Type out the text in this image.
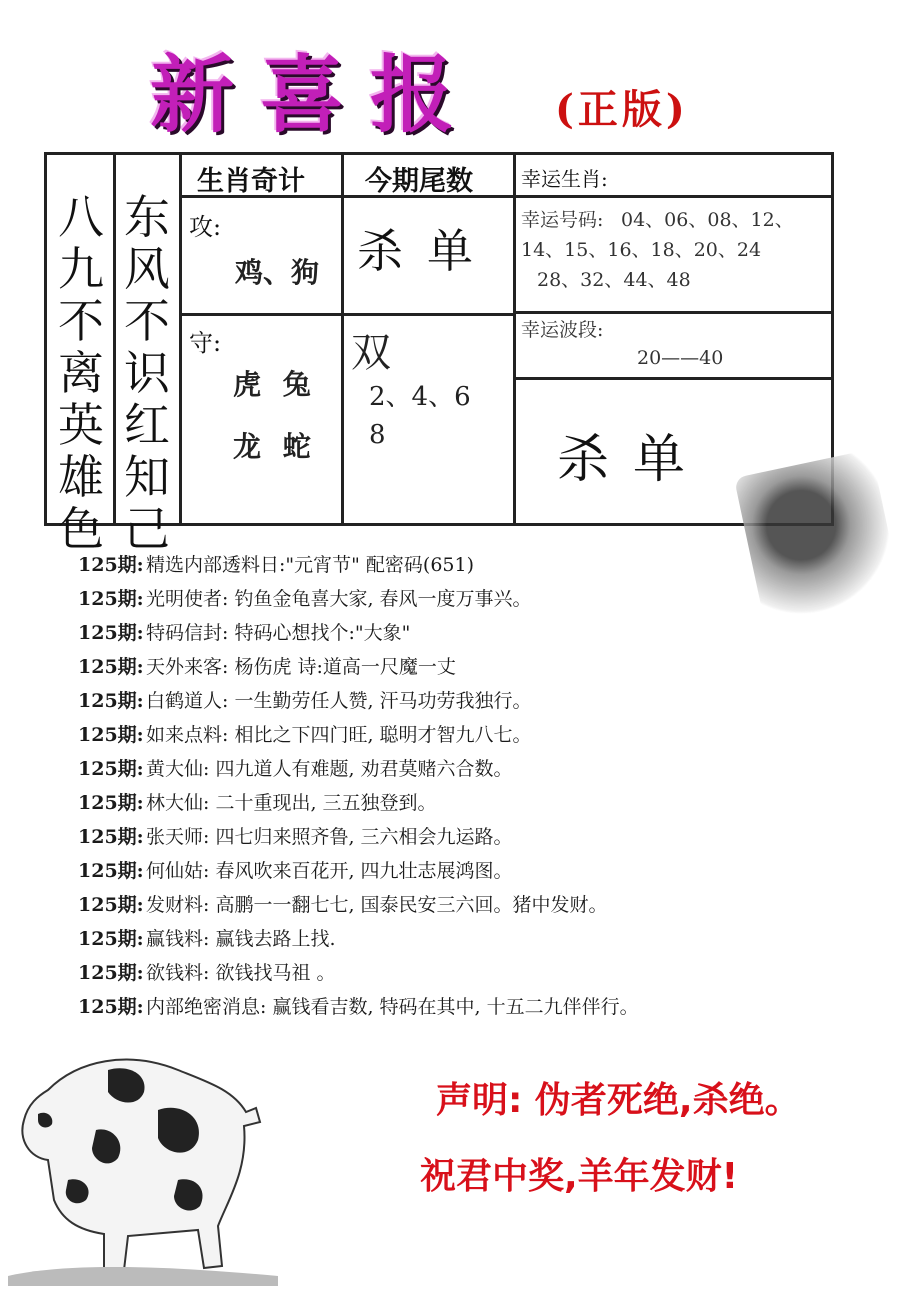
新喜报 (正版)
八九不离英雄色
东风不识红知己
生肖奇计 今期尾数 幸运生肖:
攻:
鸡、狗
守:
虎 兔
龙 蛇
杀单
幸运号码: 04、06、08、12、
14、15、16、18、20、24
28、32、44、48
双
2、4、6
8
幸运波段:
20——40
杀单
125期: 精选内部透料日:"元宵节" 配密码(651)
125期: 光明使者: 钓鱼金龟喜大家, 春风一度万事兴。
125期: 特码信封: 特码心想找个:"大象"
125期: 天外来客: 杨伤虎 诗:道高一尺魔一丈
125期: 白鹤道人: 一生勤劳任人赞, 汗马功劳我独行。
125期: 如来点料: 相比之下四门旺, 聪明才智九八七。
125期: 黄大仙: 四九道人有难题, 劝君莫赌六合数。
125期: 林大仙: 二十重现出, 三五独登到。
125期: 张天师: 四七归来照齐鲁, 三六相会九运路。
125期: 何仙姑: 春风吹来百花开, 四九壮志展鸿图。
125期: 发财料: 高鹏一一翻七七, 国泰民安三六回。猪中发财。
125期: 赢钱料: 赢钱去路上找.
125期: 欲钱料: 欲钱找马祖 。
125期: 内部绝密消息: 赢钱看吉数, 特码在其中, 十五二九伴伴行。
声明: 伪者死绝,杀绝。
祝君中奖,羊年发财!
